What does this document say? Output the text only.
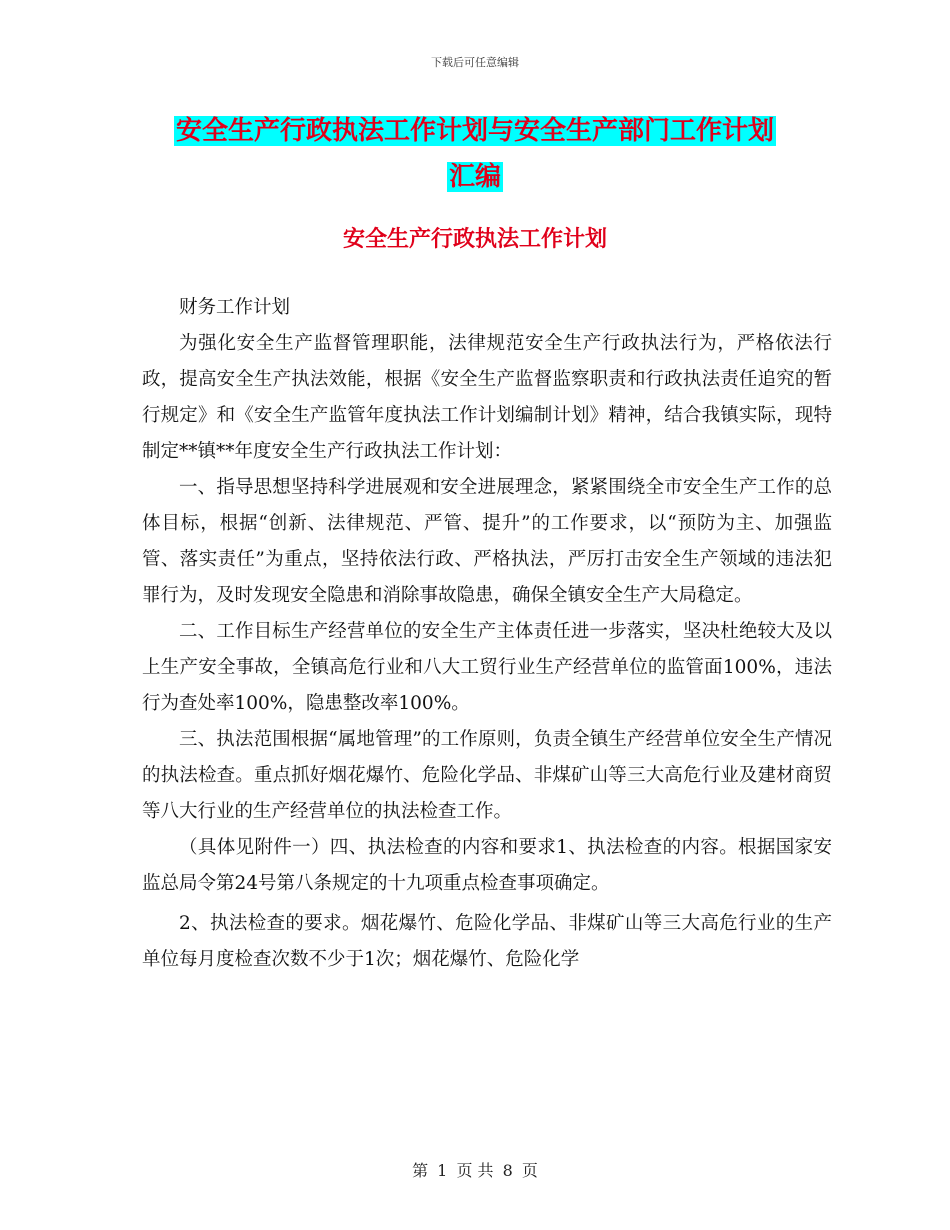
下载后可任意编辑
安全生产行政执法工作计划与安全生产部门工作计划
汇编
安全生产行政执法工作计划

财务工作计划

为强化安全生产监督管理职能，法律规范安全生产行政执法行为，严格依法行政，提高安全生产执法效能，根据《安全生产监督监察职责和行政执法责任追究的暂行规定》和《安全生产监管年度执法工作计划编制计划》精神，结合我镇实际，现特制定**镇**年度安全生产行政执法工作计划：

一、指导思想坚持科学进展观和安全进展理念，紧紧围绕全市安全生产工作的总体目标，根据“创新、法律规范、严管、提升”的工作要求，以“预防为主、加强监管、落实责任”为重点，坚持依法行政、严格执法，严厉打击安全生产领域的违法犯罪行为，及时发现安全隐患和消除事故隐患，确保全镇安全生产大局稳定。

二、工作目标生产经营单位的安全生产主体责任进一步落实，坚决杜绝较大及以上生产安全事故，全镇高危行业和八大工贸行业生产经营单位的监管面100%，违法行为查处率100%，隐患整改率100%。

三、执法范围根据“属地管理”的工作原则，负责全镇生产经营单位安全生产情况的执法检查。重点抓好烟花爆竹、危险化学品、非煤矿山等三大高危行业及建材商贸等八大行业的生产经营单位的执法检查工作。

（具体见附件一）四、执法检查的内容和要求1、执法检查的内容。根据国家安监总局令第24号第八条规定的十九项重点检查事项确定。

2、执法检查的要求。烟花爆竹、危险化学品、非煤矿山等三大高危行业的生产单位每月度检查次数不少于1次；烟花爆竹、危险化学

第 1 页 共 8 页
